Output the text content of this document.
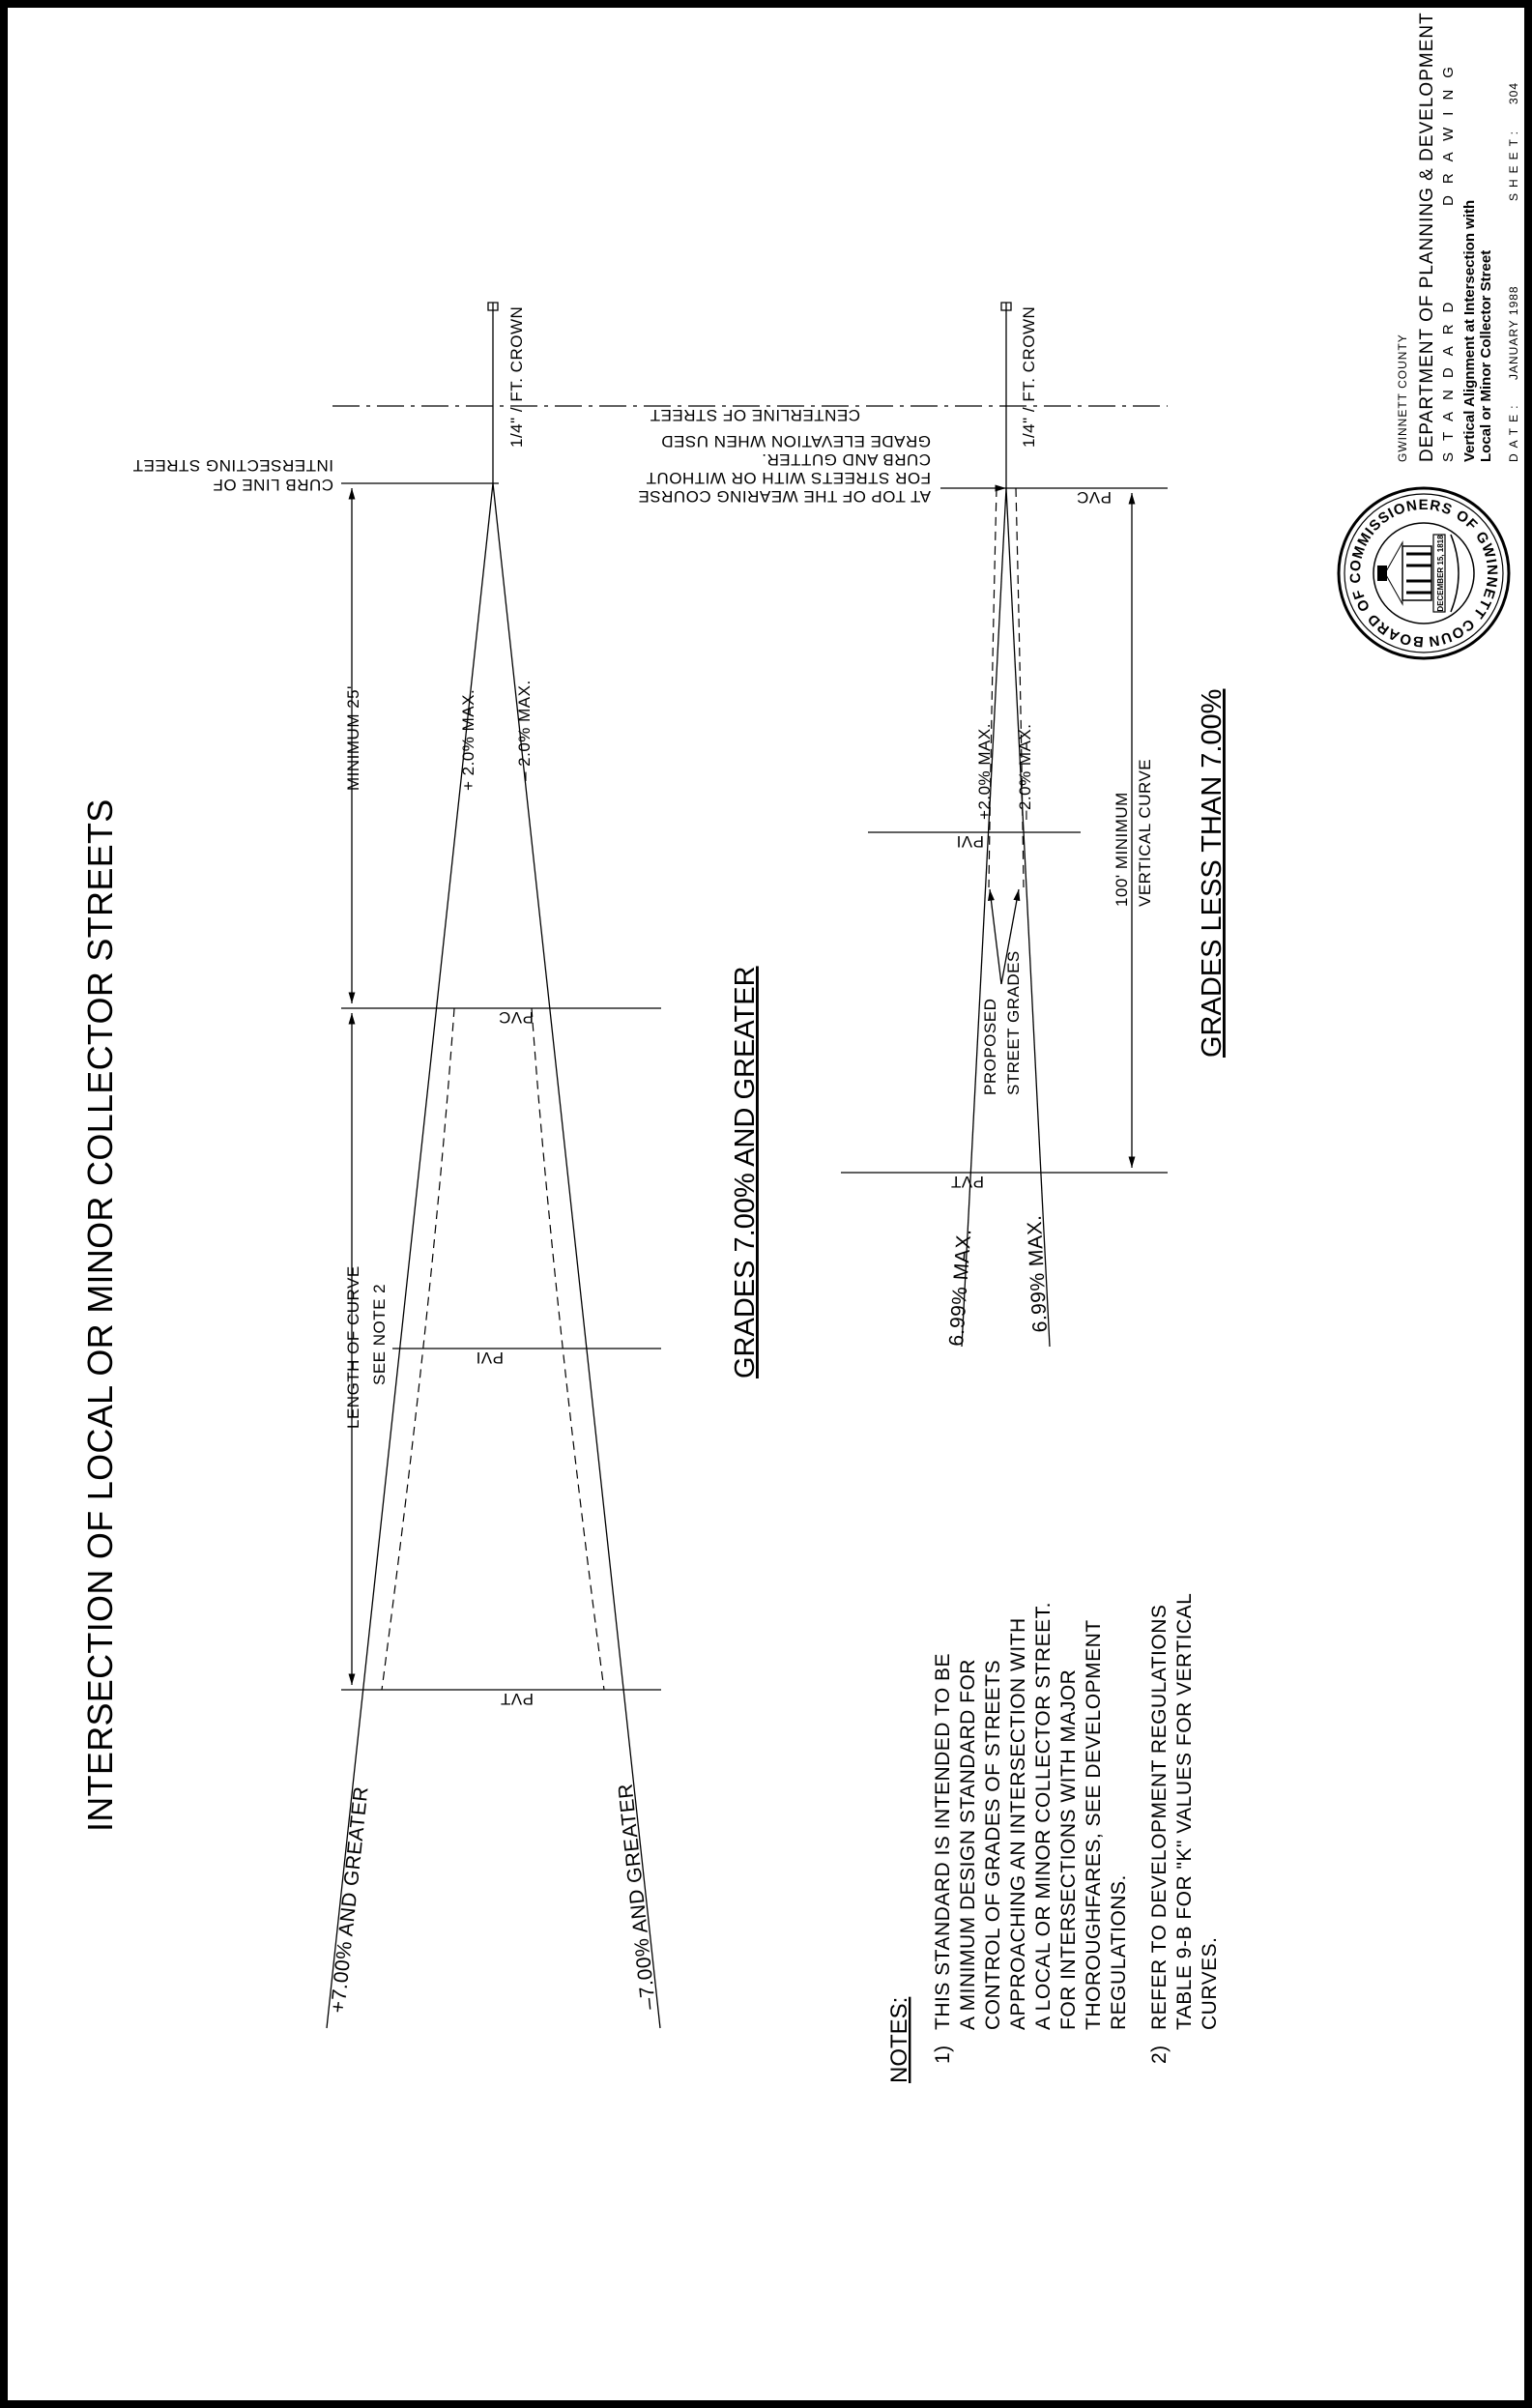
INTERSECTION OF LOCAL OR MINOR COLLECTOR STREETS
1/4" / FT. CROWN
CURB LINE OF
INTERSECTING STREET
MINIMUM 25'	+ 2.0% MAX. – 2.0% MAX.
PVC
PVI
PVT
LENGTH OF CURVE SEE NOTE 2
+7.00% AND GREATER	–7.00% AND GREATER
GRADES 7.00% AND GREATER
1/4" / FT. CROWN
CENTERLINE OF STREET
AT TOP OF THE WEARING COURSE
FOR STREETS WITH OR WITHOUT
CURB AND GUTTER.
GRADE ELEVATION WHEN USED
PVC
PVI
PVT
+2.0% MAX. –2.0% MAX.
PROPOSED STREET GRADES
100' MINIMUM VERTICAL CURVE
6.99% MAX. 6.99% MAX.
GRADES LESS THAN 7.00%
NOTES: 1)
THIS STANDARD IS INTENDED TO BE A MINIMUM DESIGN STANDARD FOR CONTROL OF GRADES OF STREETS APPROACHING AN INTERSECTION WITH A LOCAL OR MINOR COLLECTOR STREET. FOR INTERSECTIONS WITH MAJOR THOROUGHFARES, SEE DEVELOPMENT REGULATIONS.
2)
REFER TO DEVELOPMENT REGULATIONS TABLE 9-B FOR "K" VALUES FOR VERTICAL CURVES.
BOARD OF COMMISSIONERS OF GWINNETT COUN
DECEMBER 15, 1818
GWINNETT COUNTY DEPARTMENT OF PLANNING & DEVELOPMENT STANDARD
DRAWING
Vertical Alignment at Intersection with Local or Minor Collector Street DATE:
JANUARY 1988
SHEET:
304
